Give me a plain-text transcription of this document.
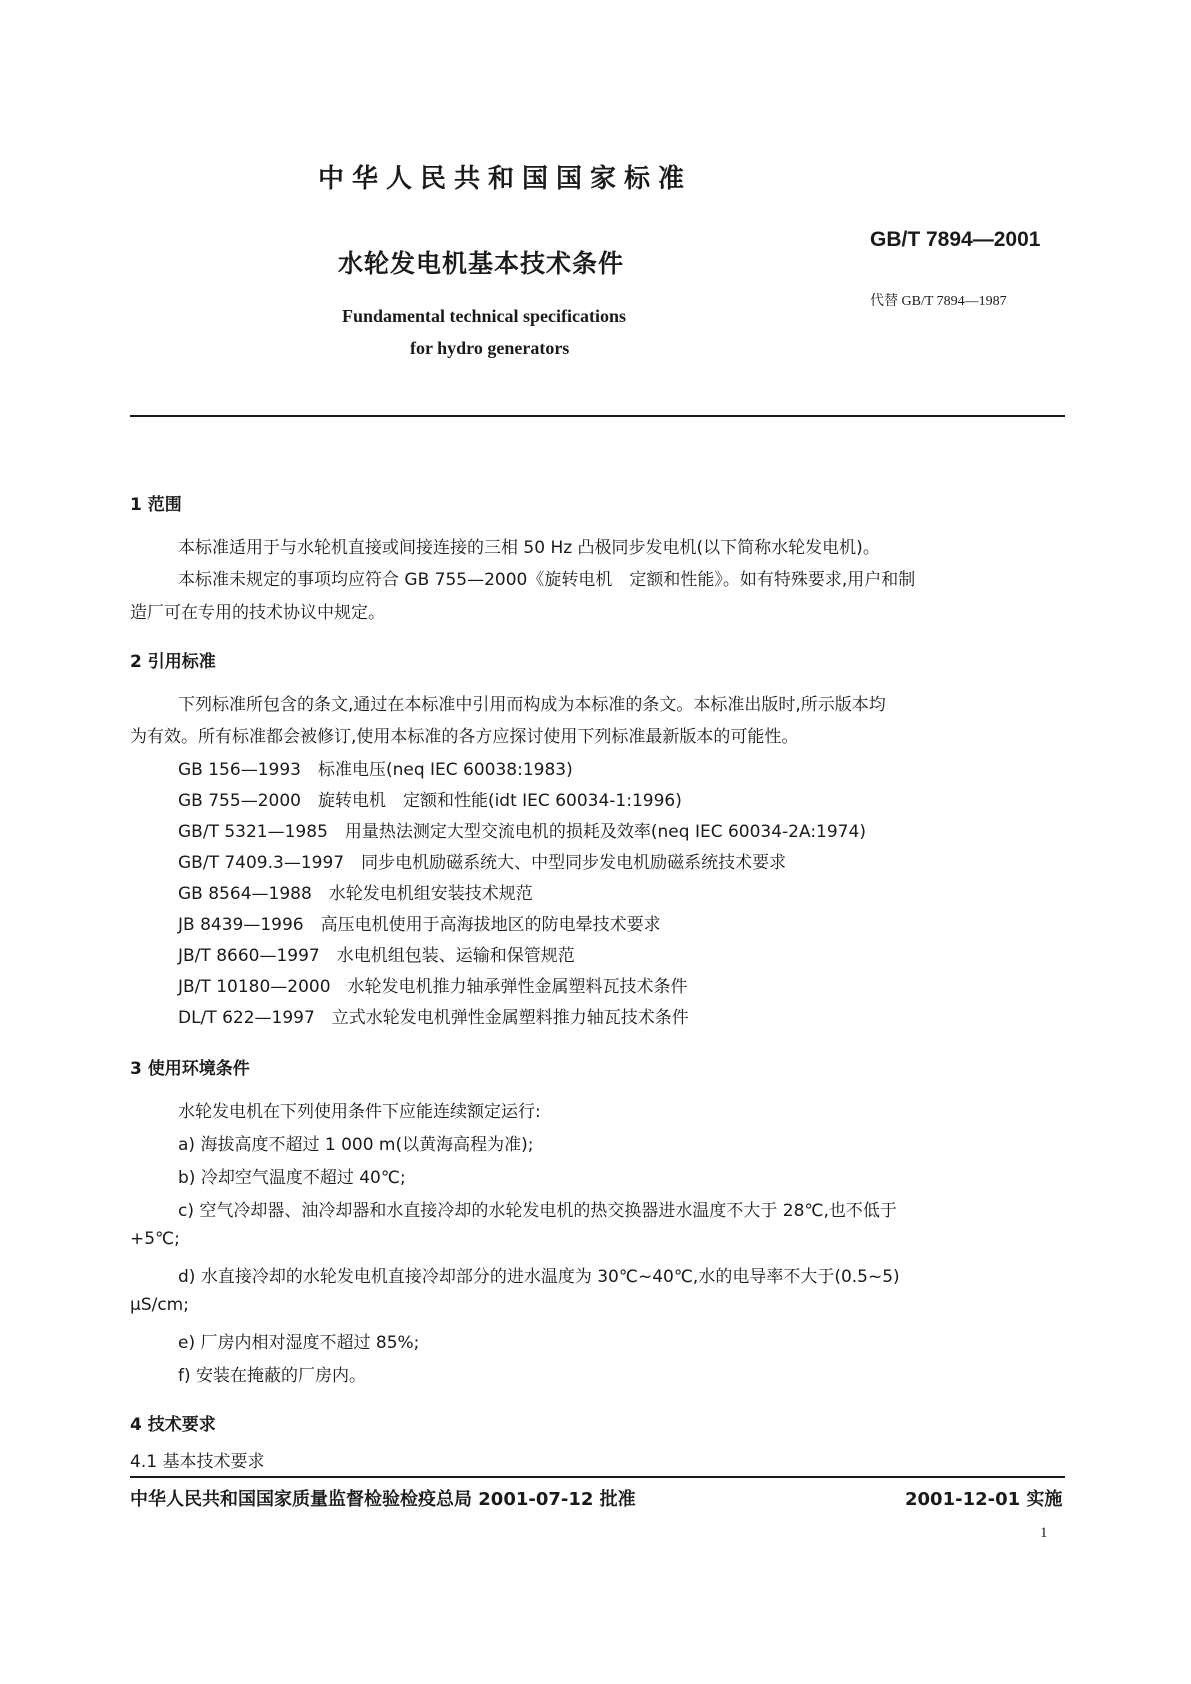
中华人民共和国国家标准
水轮发电机基本技术条件
Fundamental technical specifications
for hydro generators
GB/T 7894—2001
代替 GB/T 7894—1987
1 范围
本标准适用于与水轮机直接或间接连接的三相 50 Hz 凸极同步发电机(以下简称水轮发电机)。
本标准未规定的事项均应符合 GB 755—2000《旋转电机　定额和性能》。如有特殊要求,用户和制
造厂可在专用的技术协议中规定。
2 引用标准
下列标准所包含的条文,通过在本标准中引用而构成为本标准的条文。本标准出版时,所示版本均
为有效。所有标准都会被修订,使用本标准的各方应探讨使用下列标准最新版本的可能性。
GB 156—1993　标准电压(neq IEC 60038:1983)
GB 755—2000　旋转电机　定额和性能(idt IEC 60034-1:1996)
GB/T 5321—1985　用量热法测定大型交流电机的损耗及效率(neq IEC 60034-2A:1974)
GB/T 7409.3—1997　同步电机励磁系统大、中型同步发电机励磁系统技术要求
GB 8564—1988　水轮发电机组安装技术规范
JB 8439—1996　高压电机使用于高海拔地区的防电晕技术要求
JB/T 8660—1997　水电机组包装、运输和保管规范
JB/T 10180—2000　水轮发电机推力轴承弹性金属塑料瓦技术条件
DL/T 622—1997　立式水轮发电机弹性金属塑料推力轴瓦技术条件
3 使用环境条件
水轮发电机在下列使用条件下应能连续额定运行:
a) 海拔高度不超过 1 000 m(以黄海高程为准);
b) 冷却空气温度不超过 40℃;
c) 空气冷却器、油冷却器和水直接冷却的水轮发电机的热交换器进水温度不大于 28℃,也不低于
+5℃;
d) 水直接冷却的水轮发电机直接冷却部分的进水温度为 30℃~40℃,水的电导率不大于(0.5~5)
μS/cm;
e) 厂房内相对湿度不超过 85%;
f) 安装在掩蔽的厂房内。
4 技术要求
4.1 基本技术要求
中华人民共和国国家质量监督检验检疫总局 2001-07-12 批准	2001-12-01 实施
1
